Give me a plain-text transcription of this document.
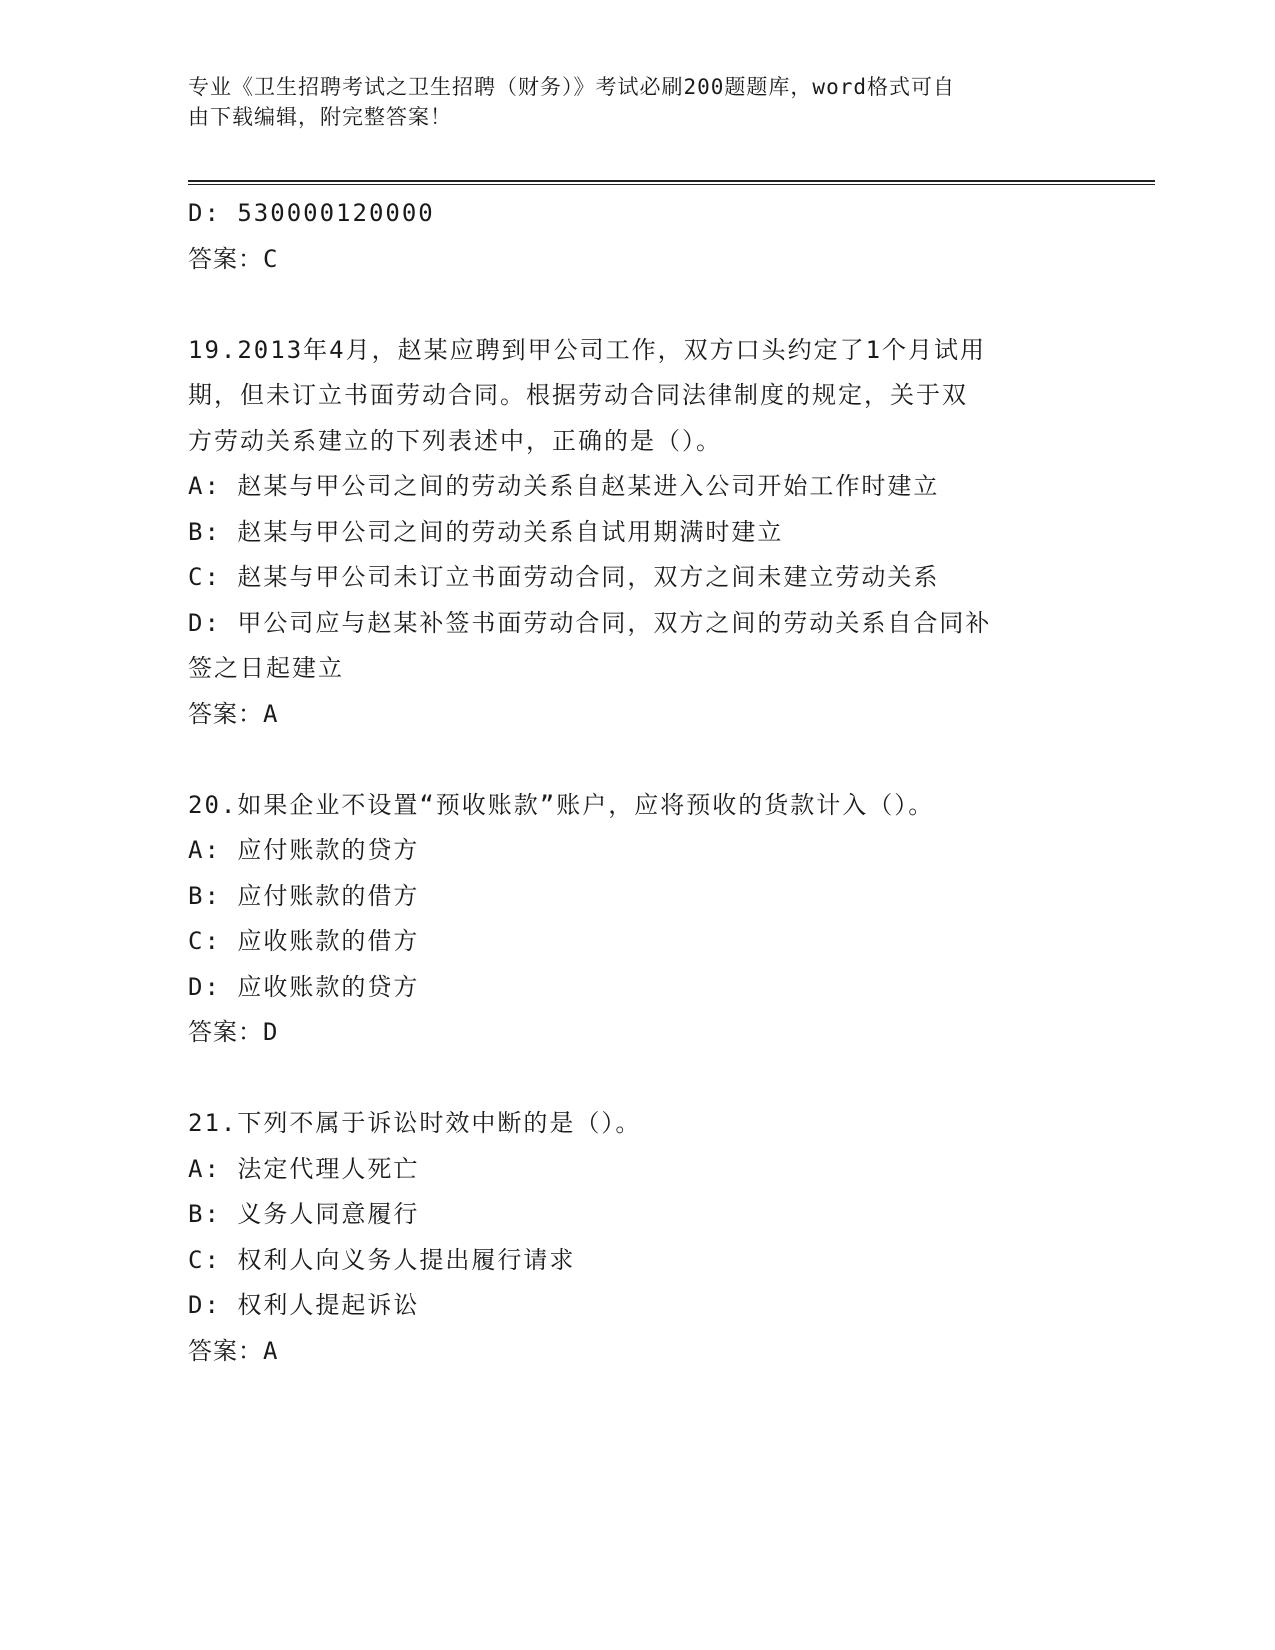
专业《卫生招聘考试之卫生招聘（财务）》考试必刷200题题库，word格式可自
由下载编辑，附完整答案！
D: 530000120000
答案：C
19.2013年4月，赵某应聘到甲公司工作，双方口头约定了1个月试用
期，但未订立书面劳动合同。根据劳动合同法律制度的规定，关于双
方劳动关系建立的下列表述中，正确的是（）。
A: 赵某与甲公司之间的劳动关系自赵某进入公司开始工作时建立
B: 赵某与甲公司之间的劳动关系自试用期满时建立
C: 赵某与甲公司未订立书面劳动合同，双方之间未建立劳动关系
D: 甲公司应与赵某补签书面劳动合同，双方之间的劳动关系自合同补
签之日起建立
答案：A
20.如果企业不设置“预收账款”账户，应将预收的货款计入（）。
A: 应付账款的贷方
B: 应付账款的借方
C: 应收账款的借方
D: 应收账款的贷方
答案：D
21.下列不属于诉讼时效中断的是（）。
A: 法定代理人死亡
B: 义务人同意履行
C: 权利人向义务人提出履行请求
D: 权利人提起诉讼
答案：A
